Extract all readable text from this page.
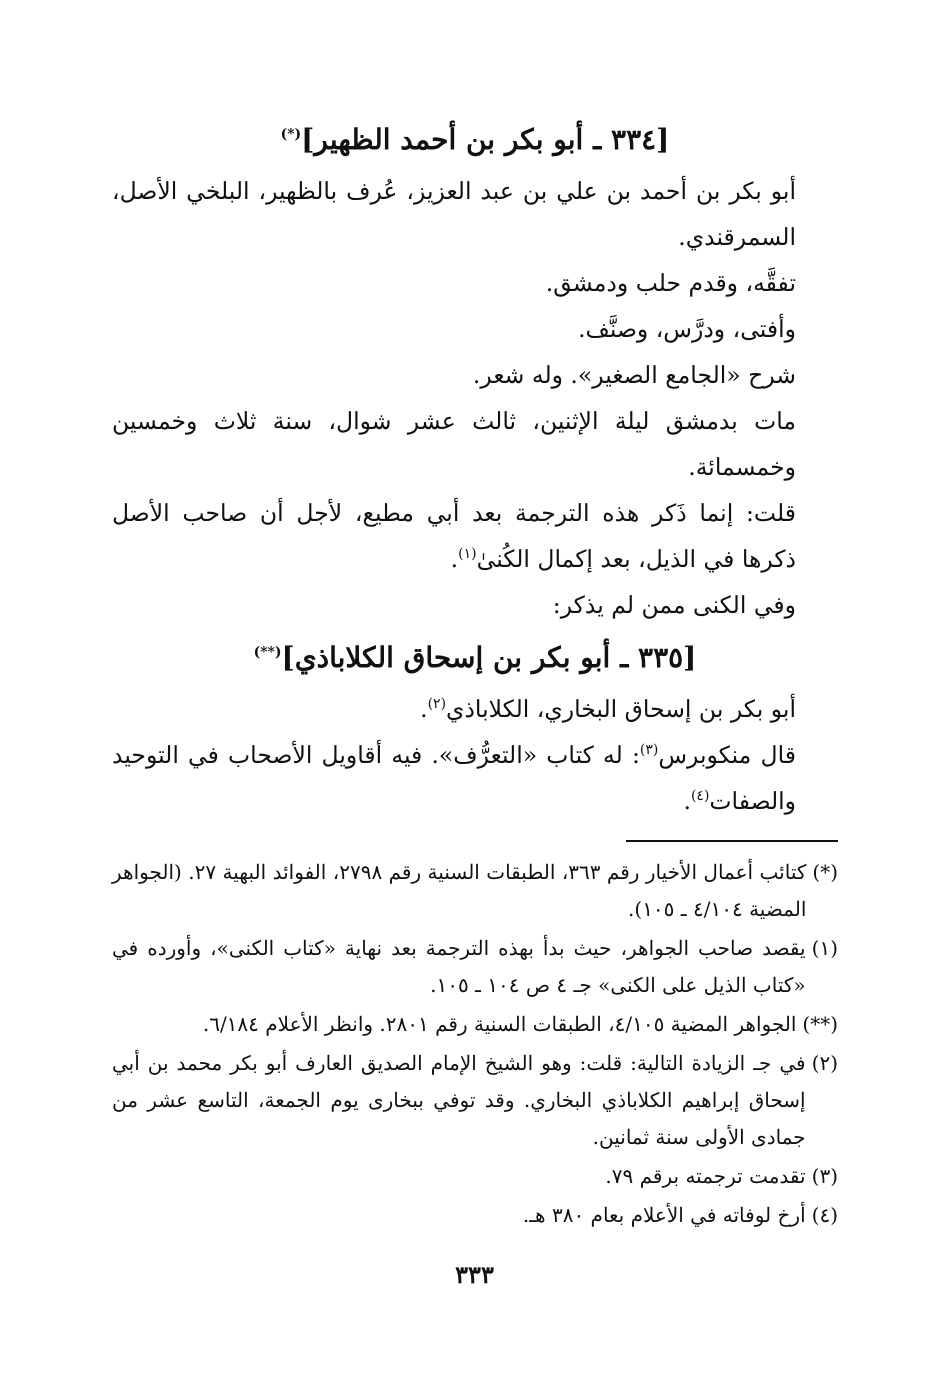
[٣٣٤ ـ أبو بكر بن أحمد الظهير](*)

أبو بكر بن أحمد بن علي بن عبد العزيز، عُرف بالظهير، البلخي الأصل، السمرقندي.

تفقَّه، وقدم حلب ودمشق.

وأفتى، ودرَّس، وصنَّف.

شرح «الجامع الصغير». وله شعر.

مات بدمشق ليلة الإثنين، ثالث عشر شوال، سنة ثلاث وخمسين وخمسمائة.

قلت: إنما ذَكر هذه الترجمة بعد أبي مطيع، لأجل أن صاحب الأصل ذكرها في الذيل، بعد إكمال الكُنىٰ$^{(١)}$.

وفي الكنى ممن لم يذكر:

[٣٣٥ ـ أبو بكر بن إسحاق الكلاباذي](**)

أبو بكر بن إسحاق البخاري، الكلاباذي$^{(٢)}$.

قال منكوبرس$^{(٣)}$: له كتاب «التعرُّف». فيه أقاويل الأصحاب في التوحيد والصفات$^{(٤)}$.

(*)
كتائب أعمال الأخيار رقم ٣٦٣، الطبقات السنية رقم ٢٧٩٨، الفوائد البهية ٢٧. (الجواهر المضية ٤/١٠٤ ـ ١٠٥).
(١)
يقصد صاحب الجواهر، حيث بدأ بهذه الترجمة بعد نهاية «كتاب الكنى»، وأورده في «كتاب الذيل على الكنى» جـ ٤ ص ١٠٤ ـ ١٠٥.
(**)
الجواهر المضية ٤/١٠٥، الطبقات السنية رقم ٢٨٠١. وانظر الأعلام ٦/١٨٤.
(٢)
في جـ الزيادة التالية: قلت: وهو الشيخ الإمام الصديق العارف أبو بكر محمد بن أبي إسحاق إبراهيم الكلاباذي البخاري. وقد توفي ببخارى يوم الجمعة، التاسع عشر من جمادى الأولى سنة ثمانين.
(٣)
تقدمت ترجمته برقم ٧٩.
(٤)
أرخ لوفاته في الأعلام بعام ٣٨٠ هـ.
٣٣٣
